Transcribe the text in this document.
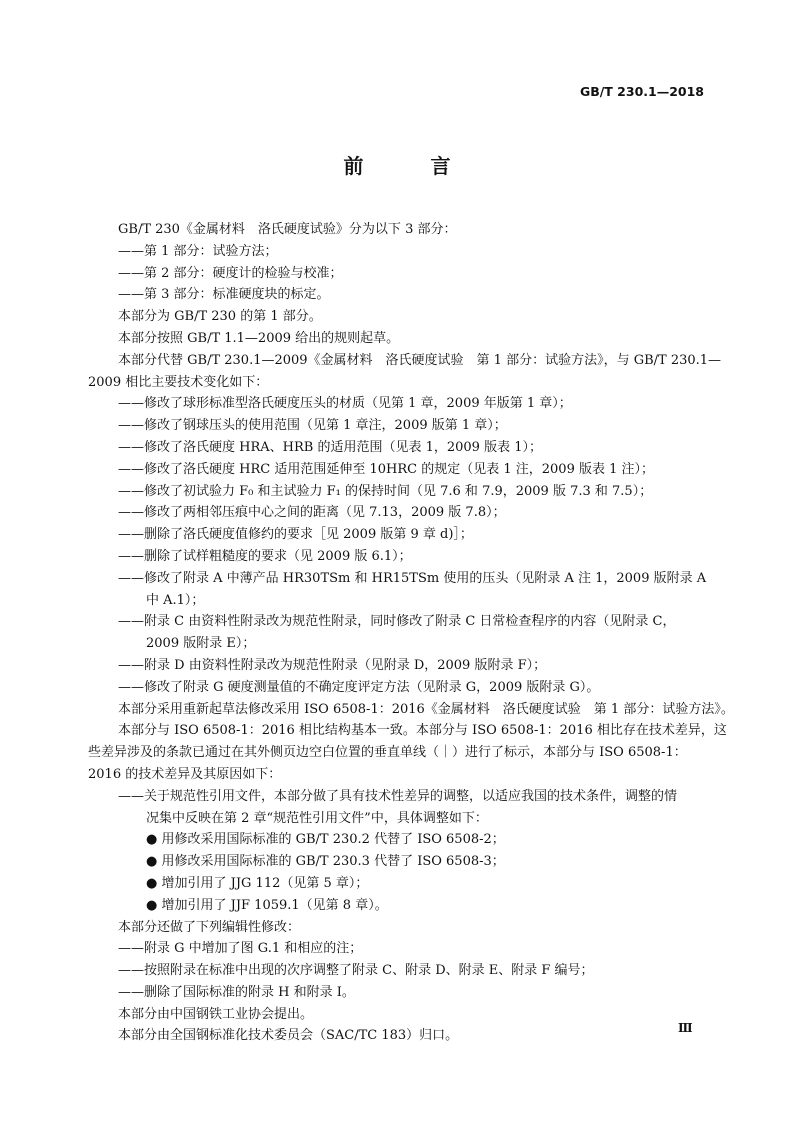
GB/T 230.1—2018
前 言
GB/T 230《金属材料　洛氏硬度试验》分为以下 3 部分：
——第 1 部分：试验方法；
——第 2 部分：硬度计的检验与校准；
——第 3 部分：标准硬度块的标定。
本部分为 GB/T 230 的第 1 部分。
本部分按照 GB/T 1.1—2009 给出的规则起草。
本部分代替 GB/T 230.1—2009《金属材料　洛氏硬度试验　第 1 部分：试验方法》，与 GB/T 230.1—
2009 相比主要技术变化如下：
——修改了球形标准型洛氏硬度压头的材质（见第 1 章，2009 年版第 1 章）；
——修改了钢球压头的使用范围（见第 1 章注，2009 版第 1 章）；
——修改了洛氏硬度 HRA、HRB 的适用范围（见表 1，2009 版表 1）；
——修改了洛氏硬度 HRC 适用范围延伸至 10HRC 的规定（见表 1 注，2009 版表 1 注）；
——修改了初试验力 F₀ 和主试验力 F₁ 的保持时间（见 7.6 和 7.9，2009 版 7.3 和 7.5）；
——修改了两相邻压痕中心之间的距离（见 7.13，2009 版 7.8）；
——删除了洛氏硬度值修约的要求［见 2009 版第 9 章 d)］；
——删除了试样粗糙度的要求（见 2009 版 6.1）；
——修改了附录 A 中薄产品 HR30TSm 和 HR15TSm 使用的压头（见附录 A 注 1，2009 版附录 A
中 A.1）；
——附录 C 由资料性附录改为规范性附录，同时修改了附录 C 日常检查程序的内容（见附录 C，
2009 版附录 E）；
——附录 D 由资料性附录改为规范性附录（见附录 D，2009 版附录 F）；
——修改了附录 G 硬度测量值的不确定度评定方法（见附录 G，2009 版附录 G）。
本部分采用重新起草法修改采用 ISO 6508-1：2016《金属材料　洛氏硬度试验　第 1 部分：试验方法》。
本部分与 ISO 6508-1：2016 相比结构基本一致。本部分与 ISO 6508-1：2016 相比存在技术差异，这
些差异涉及的条款已通过在其外侧页边空白位置的垂直单线（｜）进行了标示，本部分与 ISO 6508-1：
2016 的技术差异及其原因如下：
——关于规范性引用文件，本部分做了具有技术性差异的调整，以适应我国的技术条件，调整的情
况集中反映在第 2 章“规范性引用文件”中，具体调整如下：
● 用修改采用国际标准的 GB/T 230.2 代替了 ISO 6508-2；
● 用修改采用国际标准的 GB/T 230.3 代替了 ISO 6508-3；
● 增加引用了 JJG 112（见第 5 章）；
● 增加引用了 JJF 1059.1（见第 8 章）。
本部分还做了下列编辑性修改：
——附录 G 中增加了图 G.1 和相应的注；
——按照附录在标准中出现的次序调整了附录 C、附录 D、附录 E、附录 F 编号；
——删除了国际标准的附录 H 和附录 I。
本部分由中国钢铁工业协会提出。
本部分由全国钢标准化技术委员会（SAC/TC 183）归口。
Ⅲ
